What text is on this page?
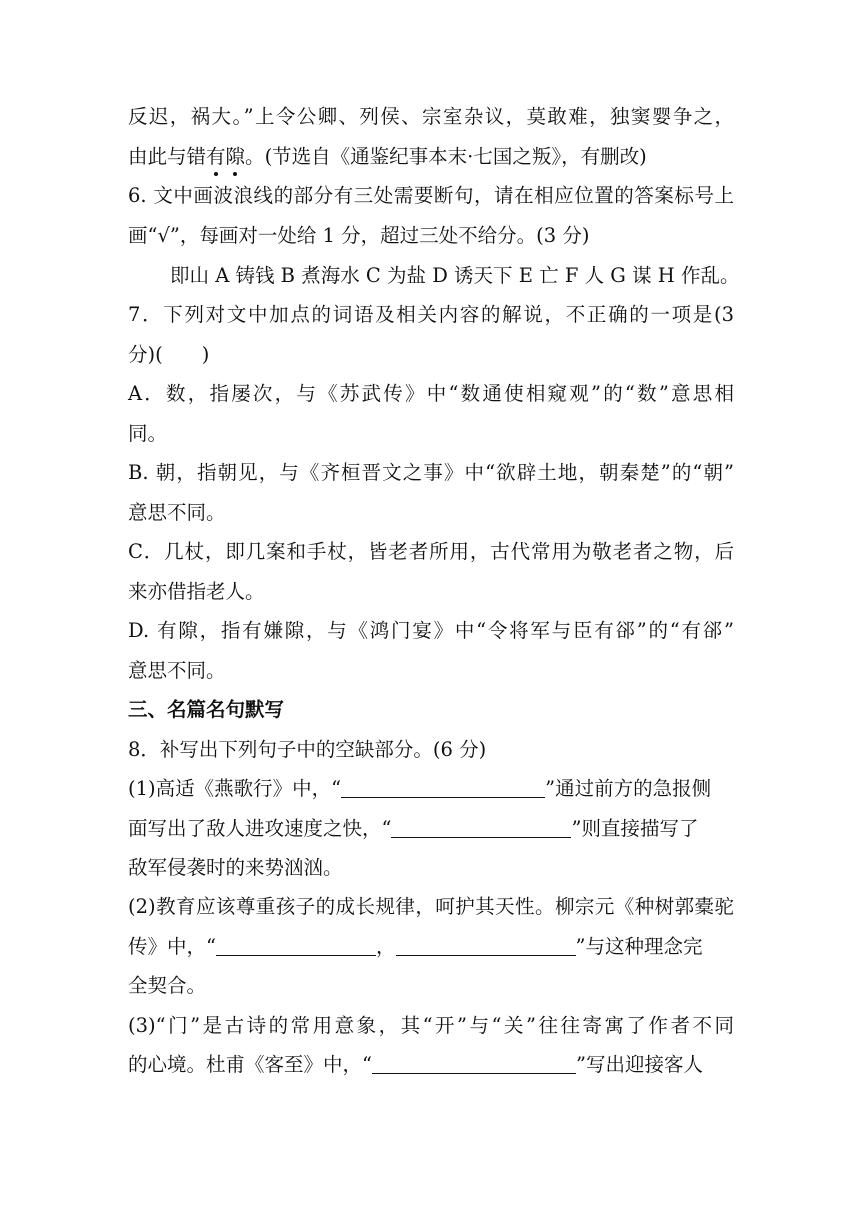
反迟，祸大。”上令公卿、列侯、宗室杂议，莫敢难，独窦婴争之，
由此与错有隙。(节选自《通鉴纪事本末·七国之叛》，有删改)
6. 文中画波浪线的部分有三处需要断句，请在相应位置的答案标号上
画“√”，每画对一处给 1 分，超过三处不给分。(3 分)
即山 A 铸钱 B 煮海水 C 为盐 D 诱天下 E 亡 F 人 G 谋 H 作乱。
7．下列对文中加点的词语及相关内容的解说，不正确的一项是(3
分)(　　)
A．数，指屡次，与《苏武传》中“数通使相窥观”的“数”意思相
同。
B. 朝，指朝见，与《齐桓晋文之事》中“欲辟土地，朝秦楚”的“朝”
意思不同。
C．几杖，即几案和手杖，皆老者所用，古代常用为敬老者之物，后
来亦借指老人。
D. 有隙，指有嫌隙，与《鸿门宴》中“令将军与臣有郤”的“有郤”
意思不同。
三、名篇名句默写
8．补写出下列句子中的空缺部分。(6 分)
(1)高适《燕歌行》中，“	”通过前方的急报侧
面写出了敌人进攻速度之快，“	”则直接描写了
敌军侵袭时的来势汹汹。
(2)教育应该尊重孩子的成长规律，呵护其天性。柳宗元《种树郭橐驼
传》中，“	，	”与这种理念完
全契合。
(3)“门”是古诗的常用意象，其“开”与“关”往往寄寓了作者不同
的心境。杜甫《客至》中，“	”写出迎接客人
